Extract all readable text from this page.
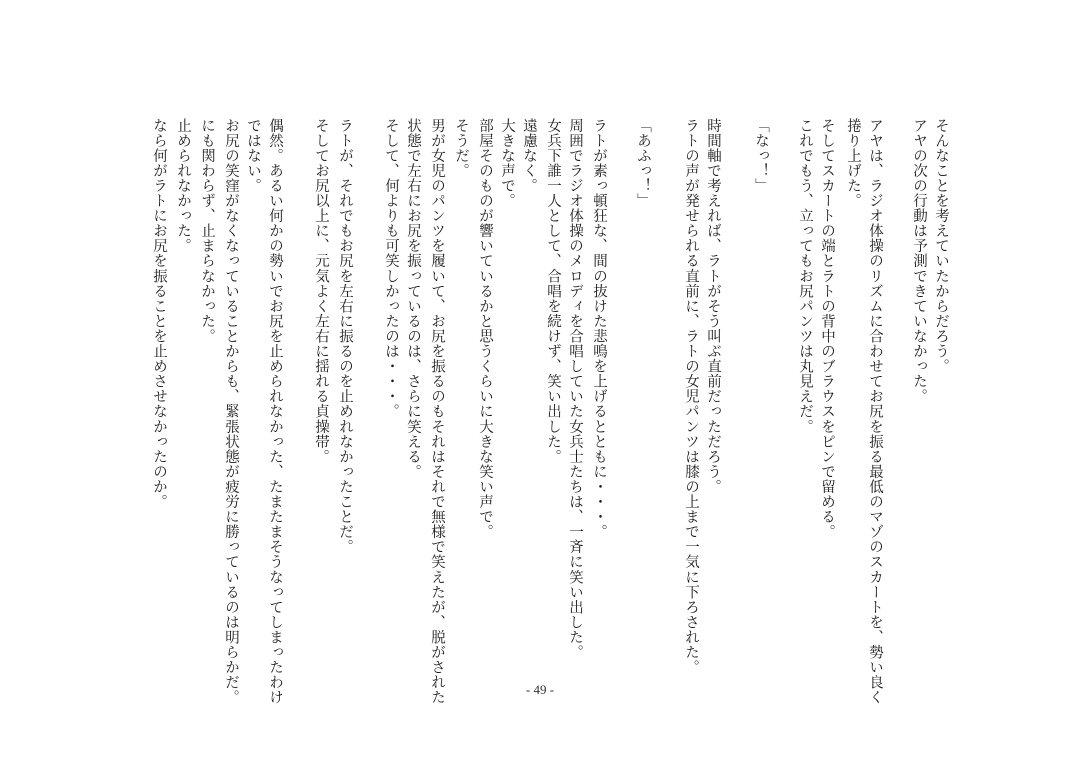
そんなことを考えていたからだろう。
アヤの次の行動は予測できていなかった。
アヤは、ラジオ体操のリズムに合わせてお尻を振る最低のマゾのスカートを、勢い良く
捲り上げた。
そしてスカートの端とラトの背中のブラウスをピンで留める。
これでもう、立ってもお尻パンツは丸見えだ。
「なっ！」
時間軸で考えれば、ラトがそう叫ぶ直前だっただろう。
ラトの声が発せられる直前に、ラトの女児パンツは膝の上まで一気に下ろされた。
「あふっ！」
ラトが素っ頓狂な、間の抜けた悲鳴を上げるとともに・・・。
周囲でラジオ体操のメロディを合唱していた女兵士たちは、一斉に笑い出した。
女兵下誰一人として、合唱を続けず、笑い出した。
遠慮なく。
大きな声で。
部屋そのものが響いているかと思うくらいに大きな笑い声で。
そうだ。
男が女児のパンツを履いて、お尻を振るのもそれはそれで無様で笑えたが、脱がされた
状態で左右にお尻を振っているのは、さらに笑える。
そして、何よりも可笑しかったのは・・・。
ラトが、それでもお尻を左右に振るのを止めれなかったことだ。
そしてお尻以上に、元気よく左右に揺れる貞操帯。
偶然。あるい何かの勢いでお尻を止められなかった、たまたまそうなってしまったわけ
ではない。
お尻の笑窪がなくなっていることからも、緊張状態が疲労に勝っているのは明らかだ。
にも関わらず、止まらなかった。
止められなかった。
なら何がラトにお尻を振ることを止めさせなかったのか。
- 49 -
